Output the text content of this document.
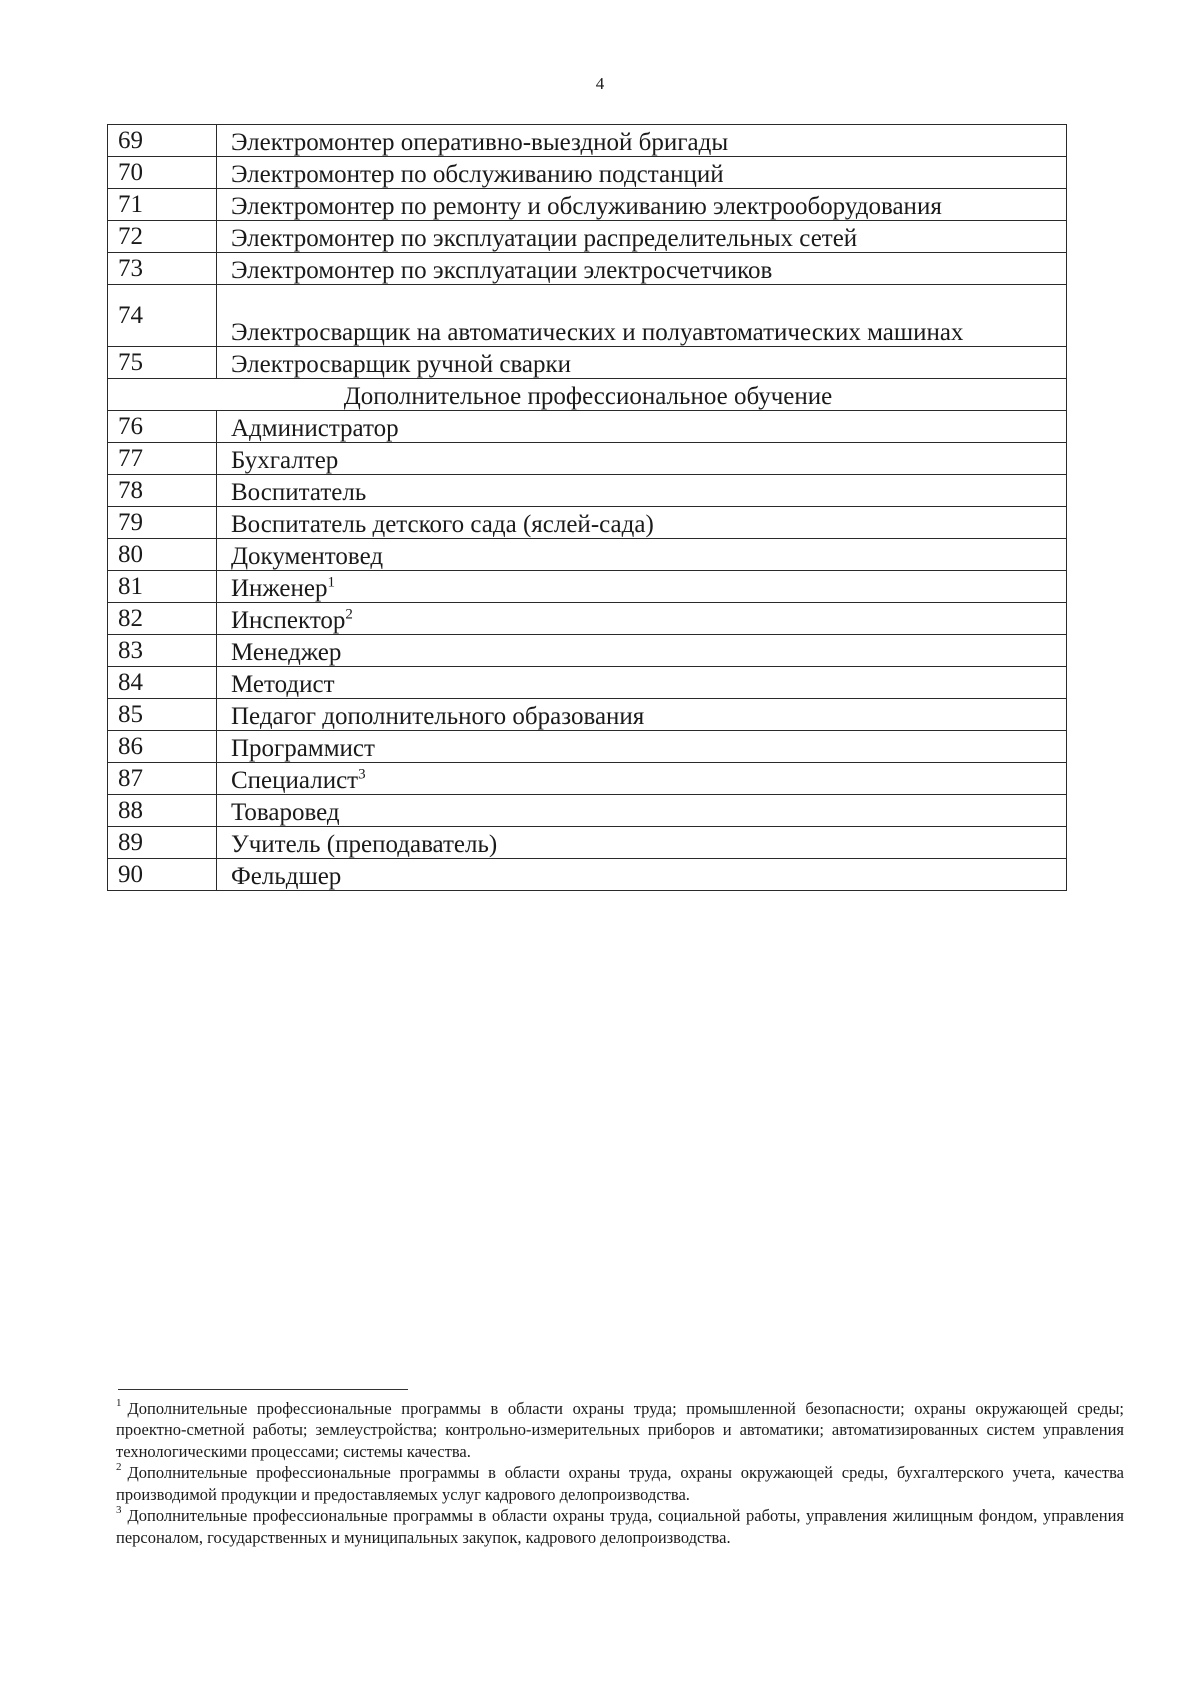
4
69	Электромонтер оперативно-выездной бригады
70	Электромонтер по обслуживанию подстанций
71	Электромонтер по ремонту и обслуживанию электрооборудования
72	Электромонтер по эксплуатации распределительных сетей
73	Электромонтер по эксплуатации электросчетчиков
74	Электросварщик на автоматических и полуавтоматических машинах
75	Электросварщик ручной сварки
Дополнительное профессиональное обучение	
76	Администратор
77	Бухгалтер
78	Воспитатель
79	Воспитатель детского сада (яслей-сада)
80	Документовед
81	Инженер$^1$
82	Инспектор$^2$
83	Менеджер
84	Методист
85	Педагог дополнительного образования
86	Программист
87	Специалист$^3$
88	Товаровед
89	Учитель (преподаватель)
90	Фельдшер

$^1$ Дополнительные профессиональные программы в области охраны труда; промышленной безопасности; охраны окружающей среды; проектно-сметной работы; землеустройства; контрольно-измерительных приборов и автоматики; автоматизированных систем управления технологическими процессами; системы качества.

$^2$ Дополнительные профессиональные программы в области охраны труда, охраны окружающей среды, бухгалтерского учета, качества производимой продукции и предоставляемых услуг кадрового делопроизводства.

$^3$ Дополнительные профессиональные программы в области охраны труда, социальной работы, управления жилищным фондом, управления персоналом, государственных и муниципальных закупок, кадрового делопроизводства.
